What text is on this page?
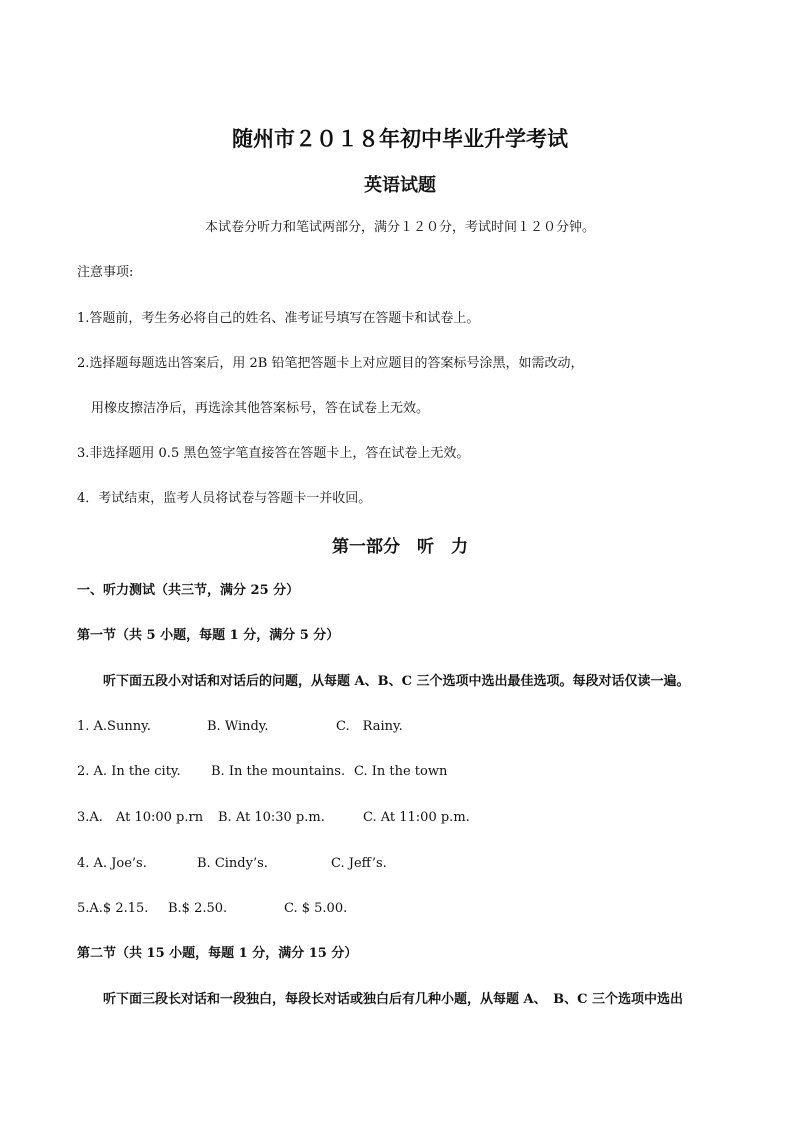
随州市２０１８年初中毕业升学考试
英语试题
本试卷分听力和笔试两部分，满分１２０分，考试时间１２０分钟。
注意事项:
1.答题前，考生务必将自己的姓名、准考证号填写在答题卡和试卷上。
2.选择题每题选出答案后，用 2B 铅笔把答题卡上对应题目的答案标号涂黑，如需改动，
用橡皮擦洁净后，再选涂其他答案标号，答在试卷上无效。
3.非选择题用 0.5 黑色签字笔直接答在答题卡上，答在试卷上无效。
4．考试结束，监考人员将试卷与答题卡一并收回。
第一部分　听　力
一、听力测试（共三节，满分 25 分）
第一节（共 5 小题，每题 1 分，满分 5 分）
听下面五段小对话和对话后的问题，从每题 A、B、C 三个选项中选出最佳选项。每段对话仅读一遍。
1. A.Sunny.	B. Windy.	C.　Rainy.
2. A. In the city. B. In the mountains. C. In the town
3.A.　At 10:00 p.rn B. At 10:30 p.m.	C. At 11:00 p.m.
4. A. Joe’s.	B. Cindy’s.	C. Jeff’s.
5.A.$ 2.15. B.$ 2.50.	C. $ 5.00.
第二节（共 15 小题，每题 1 分，满分 15 分）
听下面三段长对话和一段独白，每段长对话或独白后有几种小题，从每题 A、　B、C 三个选项中选出
